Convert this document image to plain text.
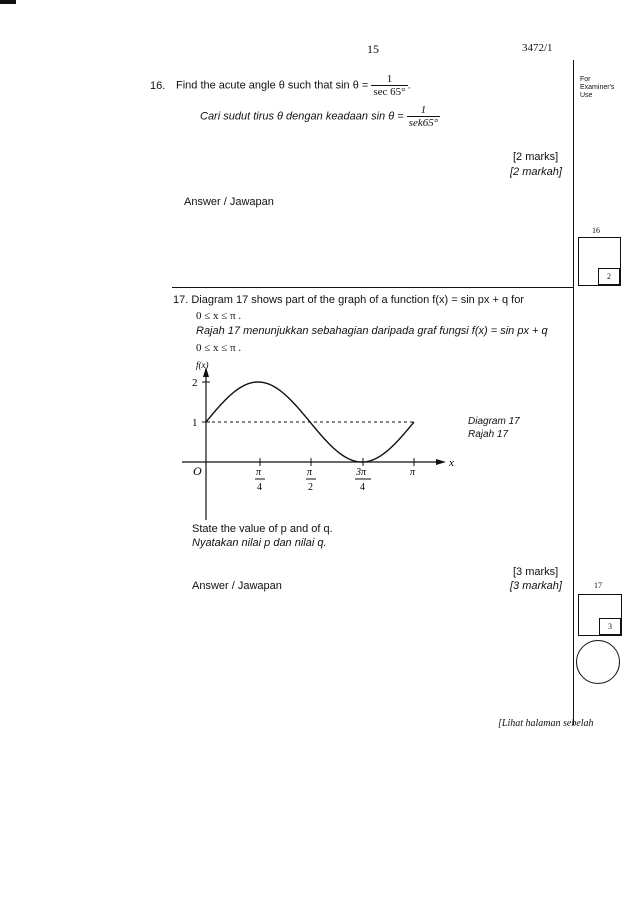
15	3472/1
For Examiner's Use
16. Find the acute angle θ such that $\sin \theta = \frac{1}{\sec 65^\circ}$ .
Cari sudut tirus θ dengan keadaan $\sin \theta = \frac{1}{\text{sek65°}}$
[2 marks]
[2 markah]
Answer / Jawapan
16
2
17. Diagram 17 shows part of the graph of a function f(x) = sin px + q for
0 ≤ x ≤ π .
Rajah 17 menunjukkan sebahagian daripada graf fungsi f(x) = sin px + q
0 ≤ x ≤ π .
f(x)
2
1
O
x
π
4
π
2
3π
4
π
Diagram 17
Rajah 17
State the value of p and of q.
Nyatakan nilai p dan nilai q.
[3 marks]
[3 markah]
Answer / Jawapan	17
3
[Lihat halaman sebelah
